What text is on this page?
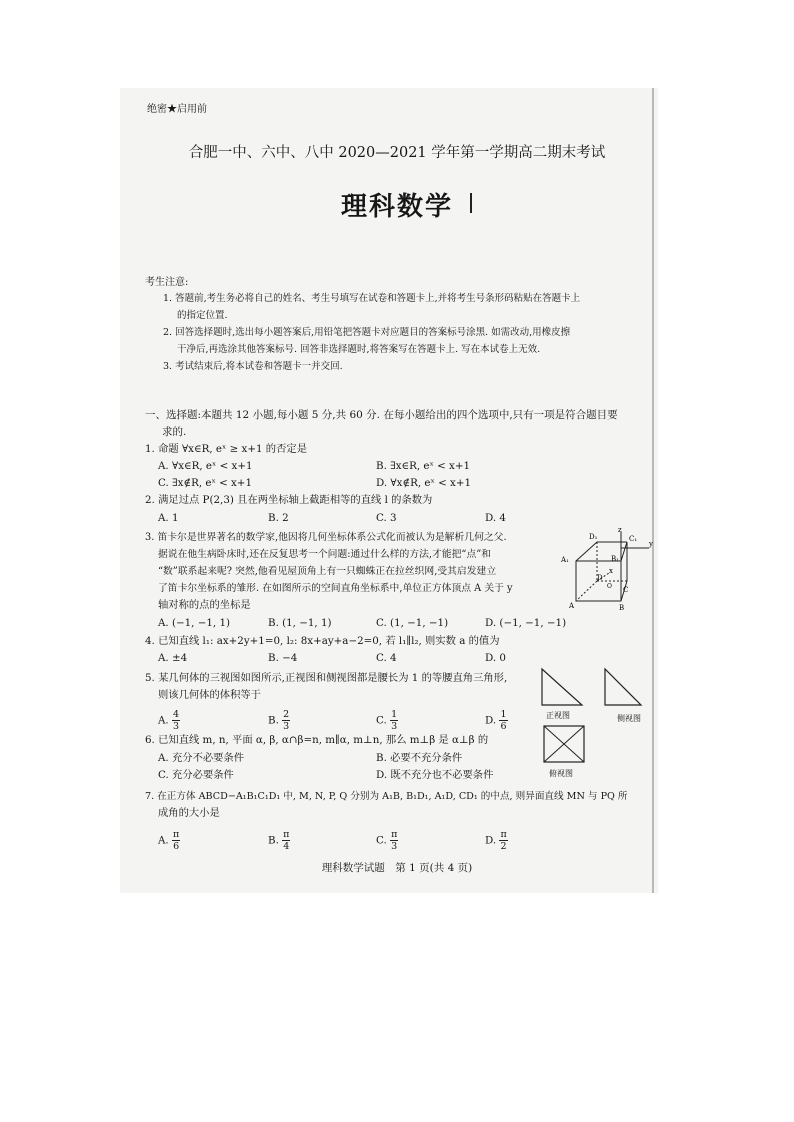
绝密★启用前
合肥一中、六中、八中 2020—2021 学年第一学期高二期末考试
理科数学
考生注意:
1. 答题前,考生务必将自己的姓名、考生号填写在试卷和答题卡上,并将考生号条形码粘贴在答题卡上
的指定位置.
2. 回答选择题时,选出每小题答案后,用铅笔把答题卡对应题目的答案标号涂黑. 如需改动,用橡皮擦
干净后,再选涂其他答案标号. 回答非选择题时,将答案写在答题卡上. 写在本试卷上无效.
3. 考试结束后,将本试卷和答题卡一并交回.
一、选择题:本题共 12 小题,每小题 5 分,共 60 分. 在每小题给出的四个选项中,只有一项是符合题目要
求的.
1. 命题 ∀x∈R, eˣ ≥ x+1 的否定是
A. ∀x∈R, eˣ < x+1	B. ∃x∈R, eˣ < x+1
C. ∃x∉R, eˣ < x+1	D. ∀x∉R, eˣ < x+1
2. 满足过点 P(2,3) 且在两坐标轴上截距相等的直线 l 的条数为
A. 1	B. 2	C. 3	D. 4
3. 笛卡尔是世界著名的数学家,他因将几何坐标体系公式化而被认为是解析几何之父.
据说在他生病卧床时,还在反复思考一个问题:通过什么样的方法,才能把“点”和
“数”联系起来呢? 突然,他看见屋顶角上有一只蜘蛛正在拉丝织网,受其启发建立
了笛卡尔坐标系的雏形. 在如图所示的空间直角坐标系中,单位正方体顶点 A 关于 y
轴对称的点的坐标是
A. (−1, −1, 1)	B. (1, −1, 1)	C. (1, −1, −1)	D. (−1, −1, −1)
z
y
x
D₁	C₁
A₁	B₁
D
C
A	B
O
4. 已知直线 l₁: ax+2y+1=0, l₂: 8x+ay+a−2=0, 若 l₁∥l₂, 则实数 a 的值为
A. ±4	B. −4	C. 4	D. 0
5. 某几何体的三视图如图所示,正视图和侧视图都是腰长为 1 的等腰直角三角形,
则该几何体的体积等于
A. $\frac{4}{3}$	B. $\frac{2}{3}$	C. $\frac{1}{3}$	D. $\frac{1}{6}$	正视图	侧视图
俯视图
6. 已知直线 m, n, 平面 α, β, α∩β=n, m∥α, m⊥n, 那么 m⊥β 是 α⊥β 的
A. 充分不必要条件	B. 必要不充分条件
C. 充分必要条件	D. 既不充分也不必要条件
7. 在正方体 ABCD−A₁B₁C₁D₁ 中, M, N, P, Q 分别为 A₁B, B₁D₁, A₁D, CD₁ 的中点, 则异面直线 MN 与 PQ 所
成角的大小是
A. $\frac{\pi}{6}$	B. $\frac{\pi}{4}$	C. $\frac{\pi}{3}$	D. $\frac{\pi}{2}$
理科数学试题　第 1 页(共 4 页)
